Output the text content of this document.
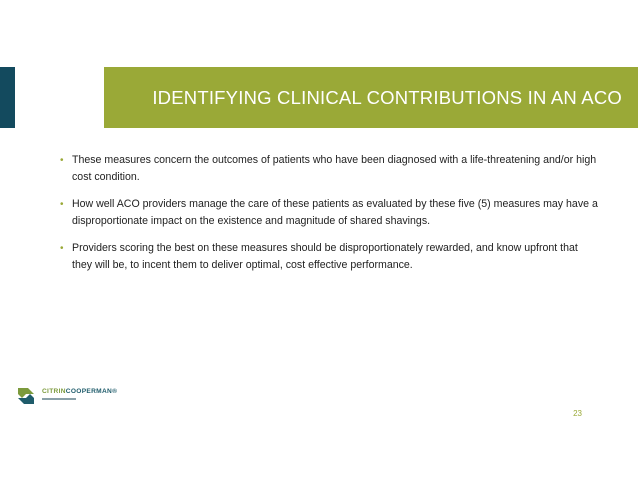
IDENTIFYING CLINICAL CONTRIBUTIONS IN AN ACO
• These measures concern the outcomes of patients who have been diagnosed with a life-threatening and/or high cost condition.
• How well ACO providers manage the care of these patients as evaluated by these five (5) measures may have a disproportionate impact on the existence and magnitude of shared shavings.
• Providers scoring the best on these measures should be disproportionately rewarded, and know upfront that they will be, to incent them to deliver optimal, cost effective performance.
CITRINCOOPERMAN®
23
